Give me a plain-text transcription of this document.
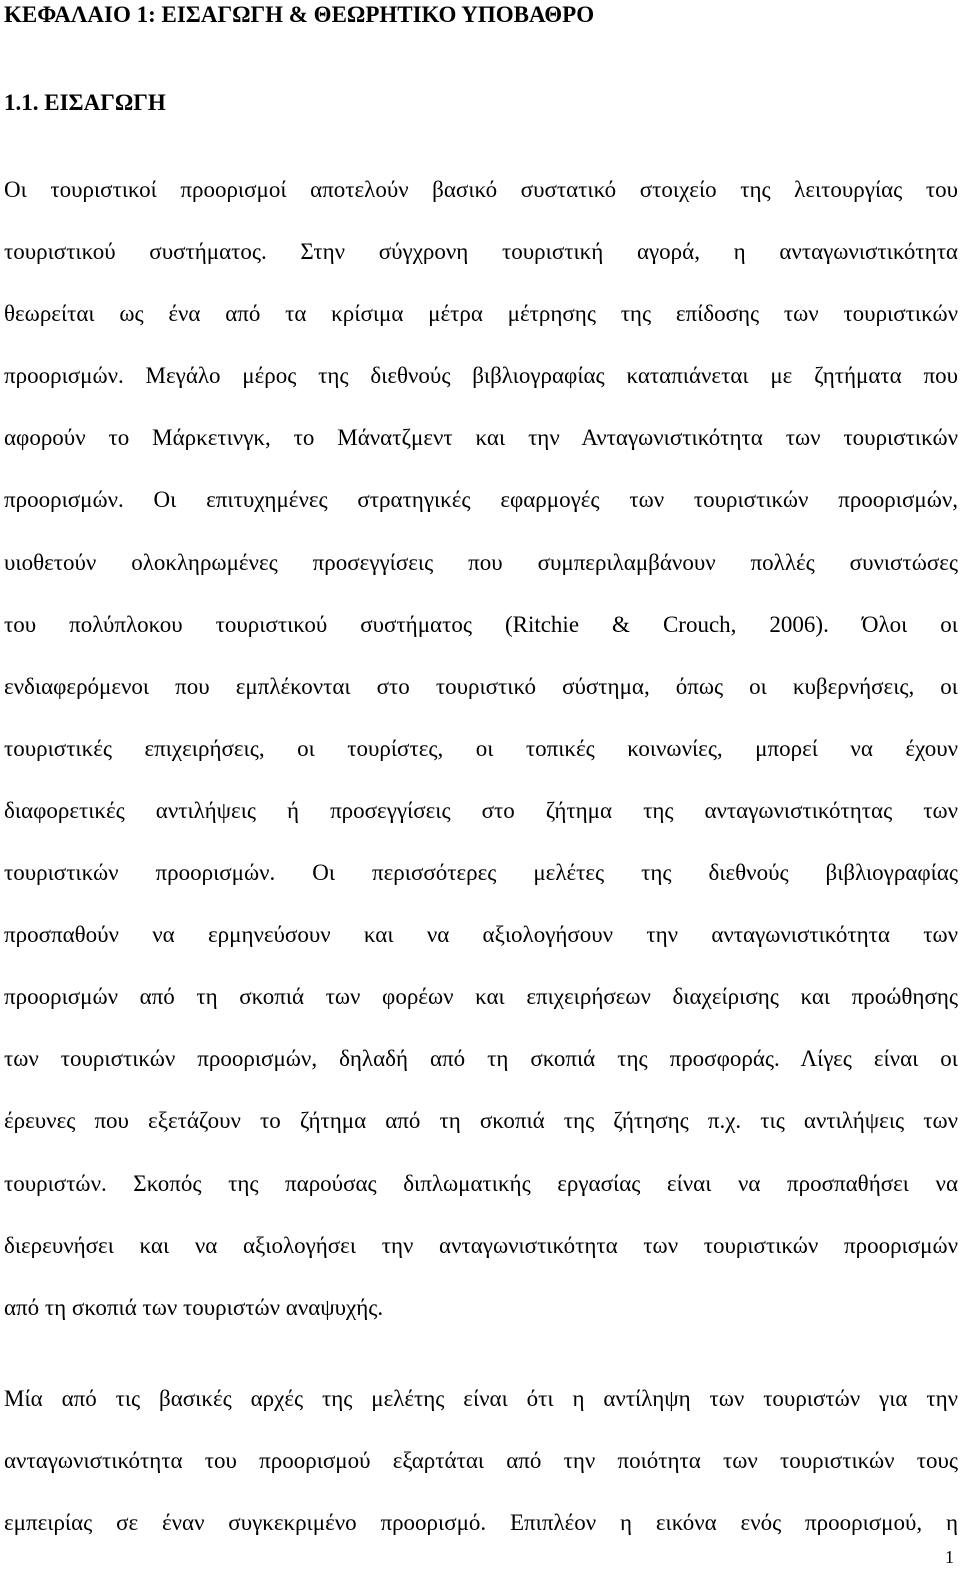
ΚΕΦΑΛΑΙΟ 1: ΕΙΣΑΓΩΓΗ & ΘΕΩΡΗΤΙΚΟ ΥΠΟΒΑΘΡΟ
1.1. ΕΙΣΑΓΩΓΗ
Οι τουριστικοί προορισμοί αποτελούν βασικό συστατικό στοιχείο της λειτουργίας του
τουριστικού συστήματος. Στην σύγχρονη τουριστική αγορά, η ανταγωνιστικότητα
θεωρείται ως ένα από τα κρίσιμα μέτρα μέτρησης της επίδοσης των τουριστικών
προορισμών. Μεγάλο μέρος της διεθνούς βιβλιογραφίας καταπιάνεται με ζητήματα που
αφορούν το Μάρκετινγκ, το Μάνατζμεντ και την Ανταγωνιστικότητα των τουριστικών
προορισμών. Οι επιτυχημένες στρατηγικές εφαρμογές των τουριστικών προορισμών,
υιοθετούν ολοκληρωμένες προσεγγίσεις που συμπεριλαμβάνουν πολλές συνιστώσες
του πολύπλοκου τουριστικού συστήματος (Ritchie & Crouch, 2006). Όλοι οι
ενδιαφερόμενοι που εμπλέκονται στο τουριστικό σύστημα, όπως οι κυβερνήσεις, οι
τουριστικές επιχειρήσεις, οι τουρίστες, οι τοπικές κοινωνίες, μπορεί να έχουν
διαφορετικές αντιλήψεις ή προσεγγίσεις στο ζήτημα της ανταγωνιστικότητας των
τουριστικών προορισμών. Οι περισσότερες μελέτες της διεθνούς βιβλιογραφίας
προσπαθούν να ερμηνεύσουν και να αξιολογήσουν την ανταγωνιστικότητα των
προορισμών από τη σκοπιά των φορέων και επιχειρήσεων διαχείρισης και προώθησης
των τουριστικών προορισμών, δηλαδή από τη σκοπιά της προσφοράς. Λίγες είναι οι
έρευνες που εξετάζουν το ζήτημα από τη σκοπιά της ζήτησης π.χ. τις αντιλήψεις των
τουριστών. Σκοπός της παρούσας διπλωματικής εργασίας είναι να προσπαθήσει να
διερευνήσει και να αξιολογήσει την ανταγωνιστικότητα των τουριστικών προορισμών
από τη σκοπιά των τουριστών αναψυχής.
Μία από τις βασικές αρχές της μελέτης είναι ότι η αντίληψη των τουριστών για την
ανταγωνιστικότητα του προορισμού εξαρτάται από την ποιότητα των τουριστικών τους
εμπειρίας σε έναν συγκεκριμένο προορισμό. Επιπλέον η εικόνα ενός προορισμού, η
1
